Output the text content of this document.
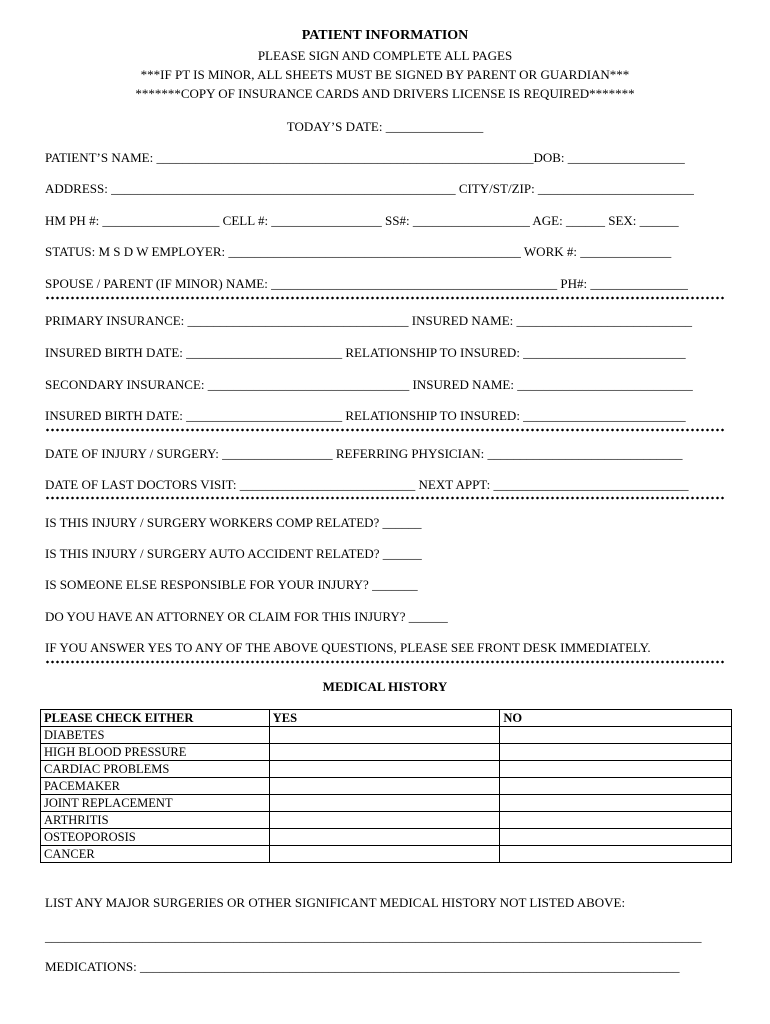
PATIENT INFORMATION
PLEASE SIGN AND COMPLETE ALL PAGES
***IF PT IS MINOR, ALL SHEETS MUST BE SIGNED BY PARENT OR GUARDIAN***
*******COPY OF INSURANCE CARDS AND DRIVERS LICENSE IS REQUIRED*******
TODAY’S DATE: _______________
PATIENT’S NAME: __________________________________________________________DOB: __________________
ADDRESS: _____________________________________________________ CITY/ST/ZIP: ________________________
HM PH #: __________________ CELL #: _________________ SS#: __________________ AGE: ______ SEX: ______
STATUS: M S D W EMPLOYER: _____________________________________________ WORK #: ______________
SPOUSE / PARENT (IF MINOR) NAME: ____________________________________________ PH#: _______________
PRIMARY INSURANCE: __________________________________ INSURED NAME: ___________________________
INSURED BIRTH DATE: ________________________ RELATIONSHIP TO INSURED: _________________________
SECONDARY INSURANCE: _______________________________ INSURED NAME: ___________________________
INSURED BIRTH DATE: ________________________ RELATIONSHIP TO INSURED: _________________________
DATE OF INJURY / SURGERY: _________________ REFERRING PHYSICIAN: ______________________________
DATE OF LAST DOCTORS VISIT: ___________________________ NEXT APPT: ______________________________
IS THIS INJURY / SURGERY WORKERS COMP RELATED? ______
IS THIS INJURY / SURGERY AUTO ACCIDENT RELATED? ______
IS SOMEONE ELSE RESPONSIBLE FOR YOUR INJURY? _______
DO YOU HAVE AN ATTORNEY OR CLAIM FOR THIS INJURY? ______
IF YOU ANSWER YES TO ANY OF THE ABOVE QUESTIONS, PLEASE SEE FRONT DESK IMMEDIATELY.
MEDICAL HISTORY
PLEASE CHECK EITHER	YES	NO
DIABETES		
HIGH BLOOD PRESSURE		
CARDIAC PROBLEMS		
PACEMAKER		
JOINT REPLACEMENT		
ARTHRITIS		
OSTEOPOROSIS		
CANCER		
LIST ANY MAJOR SURGERIES OR OTHER SIGNIFICANT MEDICAL HISTORY NOT LISTED ABOVE:
_____________________________________________________________________________________________________
MEDICATIONS: ___________________________________________________________________________________
